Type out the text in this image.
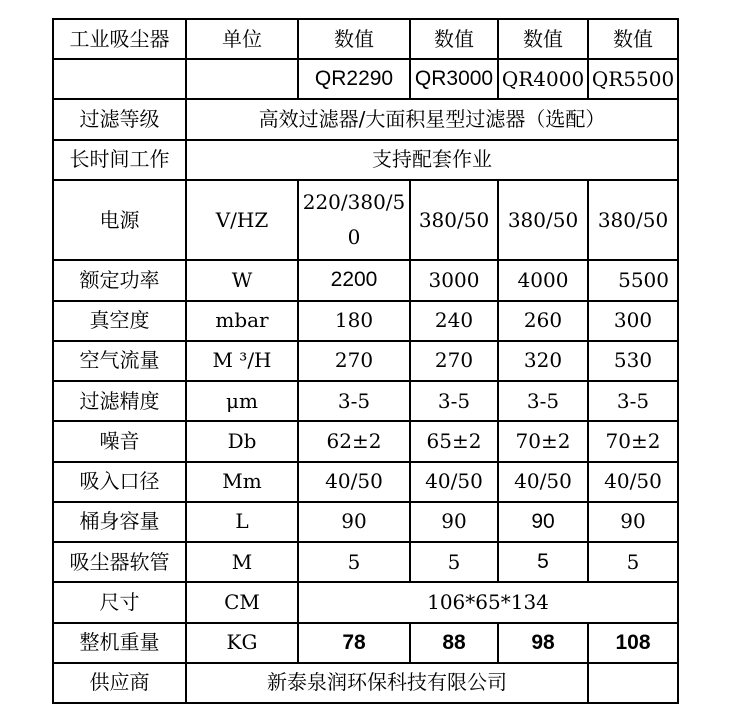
工业吸尘器	单位	数值	数值	数值	数值
		QR2290	QR3000	QR4000	QR5500
过滤等级	高效过滤器/大面积星型过滤器（选配）				
长时间工作	支持配套作业				
电源	V/HZ	220/380/50	380/50	380/50	380/50
额定功率	W	2200	3000	4000	5500
真空度	mbar	180	240	260	300
空气流量	M ³/H	270	270	320	530
过滤精度	μm	3-5	3-5	3-5	3-5
噪音	Db	62±2	65±2	70±2	70±2
吸入口径	Mm	40/50	40/50	40/50	40/50
桶身容量	L	90	90	90	90
吸尘器软管	M	5	5	5	5
尺寸	CM	106*65*134			
整机重量	KG	78	88	98	108
供应商	新泰泉润环保科技有限公司				
